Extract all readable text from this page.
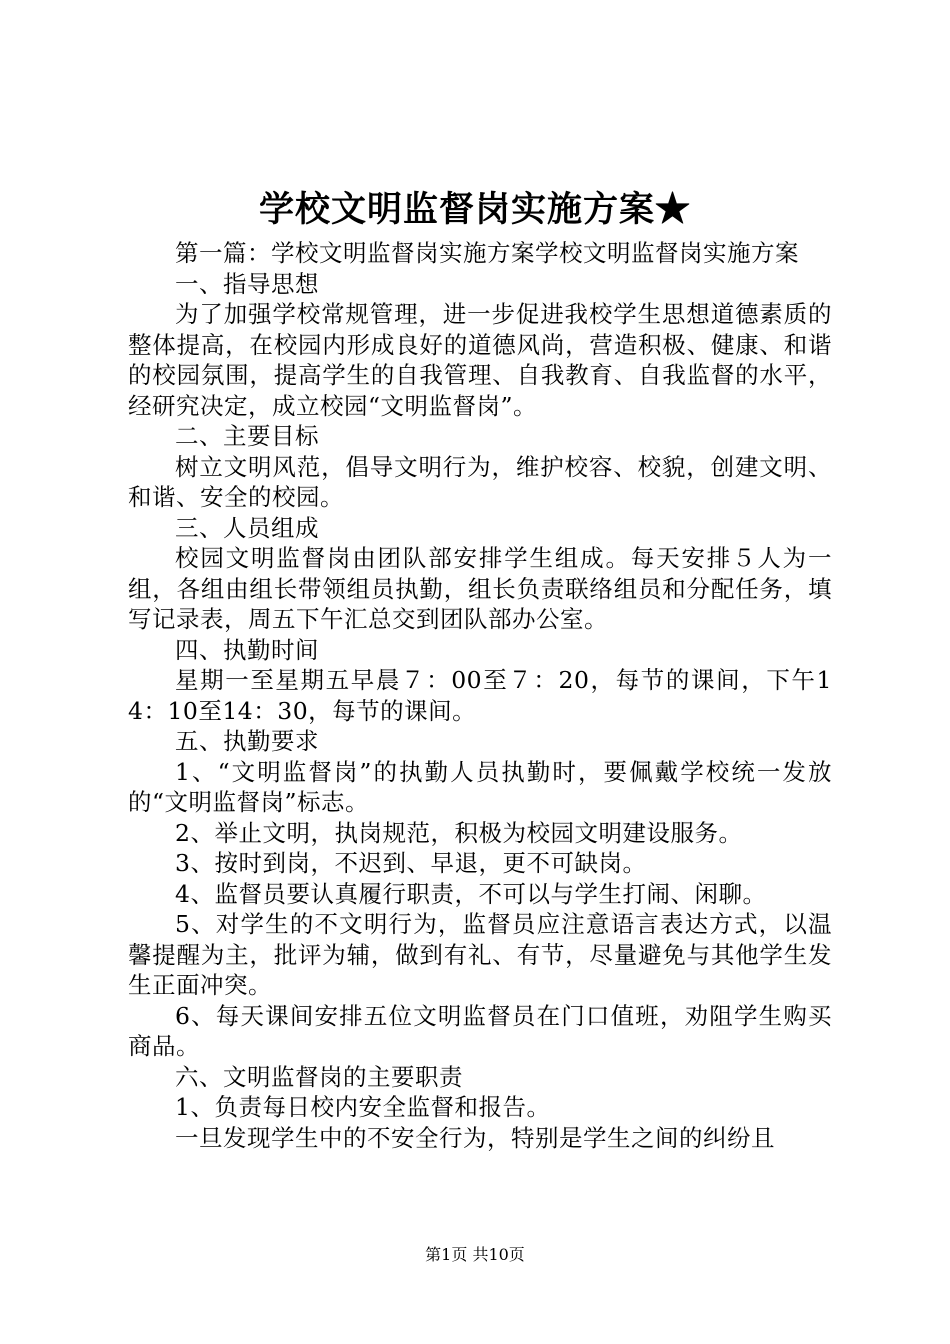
学校文明监督岗实施方案★

第一篇：学校文明监督岗实施方案学校文明监督岗实施方案

一、指导思想

为了加强学校常规管理，进一步促进我校学生思想道德素质的整体提高，在校园内形成良好的道德风尚，营造积极、健康、和谐的校园氛围，提高学生的自我管理、自我教育、自我监督的水平，经研究决定，成立校园“文明监督岗”。

二、主要目标

树立文明风范，倡导文明行为，维护校容、校貌，创建文明、和谐、安全的校园。

三、人员组成

校园文明监督岗由团队部安排学生组成。每天安排５人为一组，各组由组长带领组员执勤，组长负责联络组员和分配任务，填写记录表，周五下午汇总交到团队部办公室。

四、执勤时间

星期一至星期五早晨７：00至７：20，每节的课间，下午14：10至14：30，每节的课间。

五、执勤要求

1、“文明监督岗”的执勤人员执勤时，要佩戴学校统一发放的“文明监督岗”标志。

2、举止文明，执岗规范，积极为校园文明建设服务。

3、按时到岗，不迟到、早退，更不可缺岗。

4、监督员要认真履行职责，不可以与学生打闹、闲聊。

5、对学生的不文明行为，监督员应注意语言表达方式，以温馨提醒为主，批评为辅，做到有礼、有节，尽量避免与其他学生发生正面冲突。

6、每天课间安排五位文明监督员在门口值班，劝阻学生购买商品。

六、文明监督岗的主要职责

1、负责每日校内安全监督和报告。

一旦发现学生中的不安全行为，特别是学生之间的纠纷且

第1页 共10页
